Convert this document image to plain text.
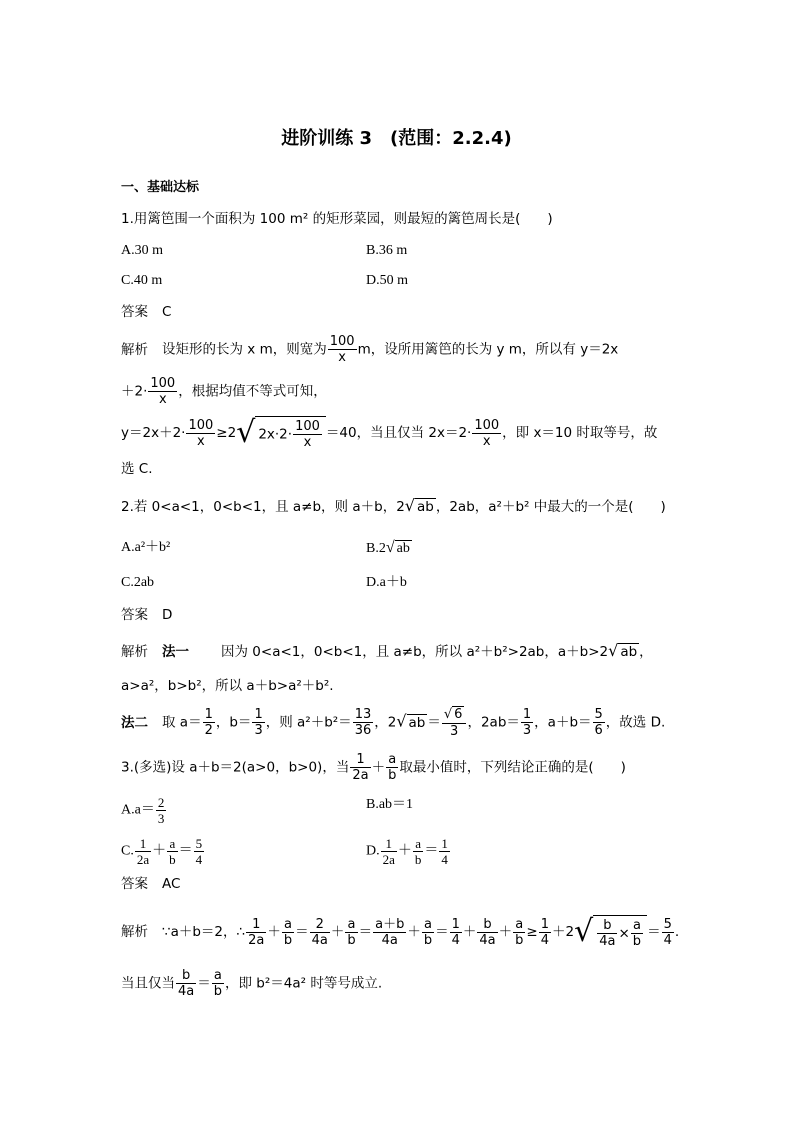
进阶训练 3　(范围：2.2.4)
一、基础达标
1.用篱笆围一个面积为 100 m² 的矩形菜园，则最短的篱笆周长是(　　)
A.30 m	B.36 m
C.40 m	D.50 m
答案 C
解析 设矩形的长为 x m，则宽为 $\frac{100}{x}$ m，设所用篱笆的长为 y m，所以有 y＝2x
$+2\cdot \frac{100}{x}$ ，根据均值不等式可知，
$y=2x+2\cdot \frac{100}{x} \ge 2√$ $2x\cdot 2\cdot \frac{100}{x} =40$，当且仅当 $2x=2\cdot \frac{100}{x}$ ，即 x＝10 时取等号，故
选 C.
2.若 0<a<1，0<b<1，且 a≠b，则 a＋b，2√ ab ，2ab，a²＋b² 中最大的一个是(　　)
A.a²＋b²	B.2√ ab
C.2ab	D.a＋b
答案 D
解析 法一 因为 0<a<1，0<b<1，且 a≠b，所以 a²＋b²>2ab，a＋b>2√ ab ，
a>a²，b>b²，所以 a＋b>a²＋b².
法二 取 $a= \frac{1}{2}$ ，$b= \frac{1}{3}$ ，则 $a^2+b^2= \frac{13}{36}$ ，2√ ab ＝ $\frac{√ 6}{3}$ ，$2ab= \frac{1}{3}$ ，$a+b= \frac{5}{6}$ ，故选 D.
3.(多选)设 a＋b＝2(a>0，b>0)，当 $\frac{1}{2a} + \frac{a}{b}$ 取最小值时，下列结论正确的是(　　)
$A.a= \frac{2}{3}$	B.ab＝1
C. $\frac{1}{2a} + \frac{a}{b} = \frac{5}{4}$	D. $\frac{1}{2a} + \frac{a}{b} = \frac{1}{4}$
答案 AC
解析 ∵a＋b＝2，∴ $\frac{1}{2a} + \frac{a}{b} = \frac{2}{4a} + \frac{a}{b} = \frac{a+b}{4a} + \frac{a}{b} = \frac{1}{4} + \frac{b}{4a} + \frac{a}{b} \ge \frac{1}{4} +2√ \frac{b}{4a} \times \frac{a}{b} = \frac{5}{4}$ .
当且仅当 $\frac{b}{4a} = \frac{a}{b}$ ，即 b²＝4a² 时等号成立.
